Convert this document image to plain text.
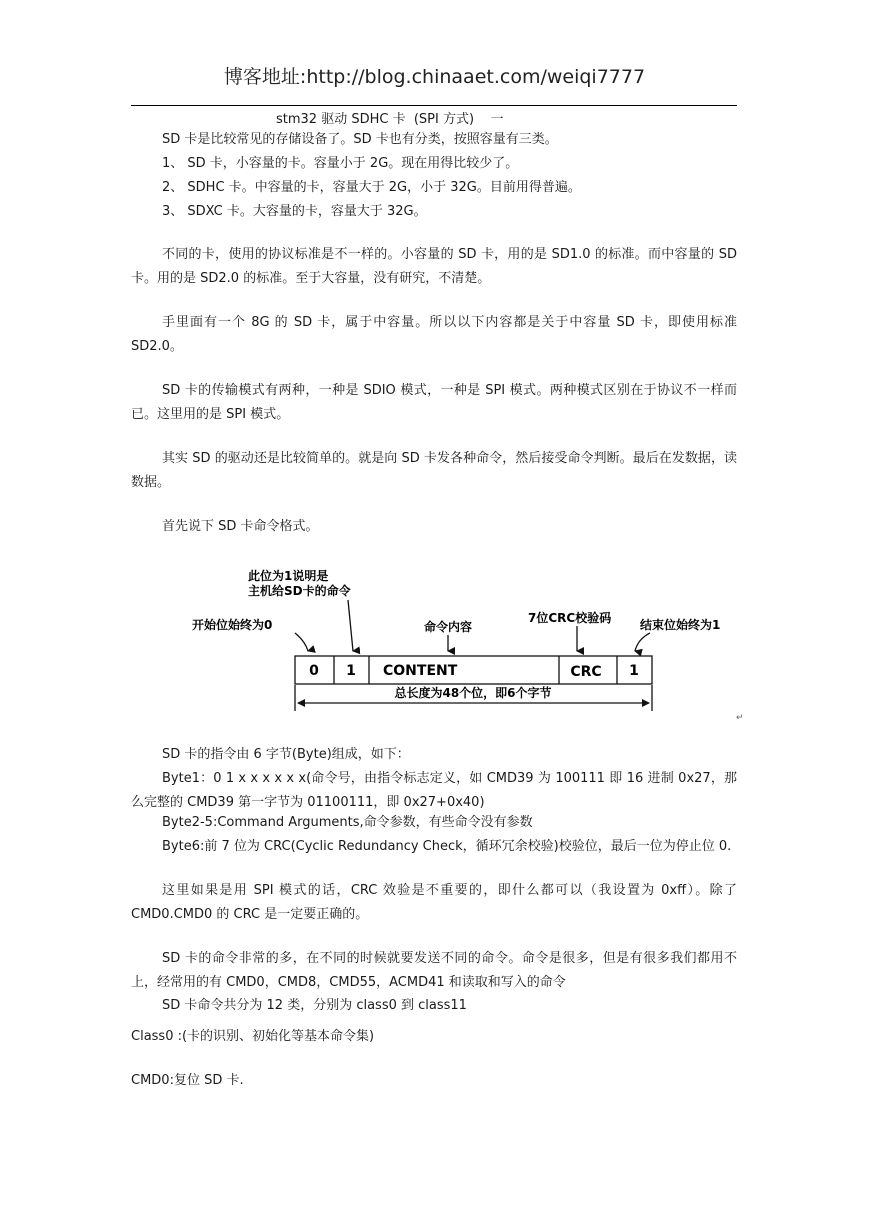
博客地址:http://blog.chinaaet.com/weiqi7777
stm32 驱动 SDHC 卡  (SPI 方式)    一
SD 卡是比较常见的存储设备了。SD 卡也有分类，按照容量有三类。
1、 SD 卡，小容量的卡。容量小于 2G。现在用得比较少了。
2、 SDHC 卡。中容量的卡，容量大于 2G，小于 32G。目前用得普遍。
3、 SDXC 卡。大容量的卡，容量大于 32G。
不同的卡，使用的协议标准是不一样的。小容量的 SD 卡，用的是 SD1.0 的标准。而中容量的 SD 卡。用的是 SD2.0 的标准。至于大容量，没有研究，不清楚。
手里面有一个 8G 的 SD 卡，属于中容量。所以以下内容都是关于中容量 SD 卡，即使用标准 SD2.0。
SD 卡的传输模式有两种，一种是 SDIO 模式，一种是 SPI 模式。两种模式区别在于协议不一样而已。这里用的是 SPI 模式。
其实 SD 的驱动还是比较简单的。就是向 SD 卡发各种命令，然后接受命令判断。最后在发数据，读数据。
首先说下 SD 卡命令格式。
此位为1说明是
主机给SD卡的命令
开始位始终为0	命令内容
7位CRC校验码 结束位始终为1
0 1 CONTENT	CRC 1
总长度为48个位，即6个字节
↵
SD 卡的指令由 6 字节(Byte)组成，如下：
Byte1：0 1 x x x x x x(命令号，由指令标志定义，如 CMD39 为 100111 即 16 进制 0x27，那么完整的 CMD39 第一字节为 01100111，即 0x27+0x40)
Byte2-5:Command Arguments,命令参数，有些命令没有参数
Byte6:前 7 位为 CRC(Cyclic Redundancy Check，循环冗余校验)校验位，最后一位为停止位 0.
这里如果是用 SPI 模式的话，CRC 效验是不重要的，即什么都可以（我设置为 0xff）。除了 CMD0.CMD0 的 CRC 是一定要正确的。
SD 卡的命令非常的多，在不同的时候就要发送不同的命令。命令是很多，但是有很多我们都用不上，经常用的有 CMD0，CMD8，CMD55，ACMD41 和读取和写入的命令
SD 卡命令共分为 12 类，分别为 class0 到 class11
Class0 :(卡的识别、初始化等基本命令集)
CMD0:复位 SD 卡.
